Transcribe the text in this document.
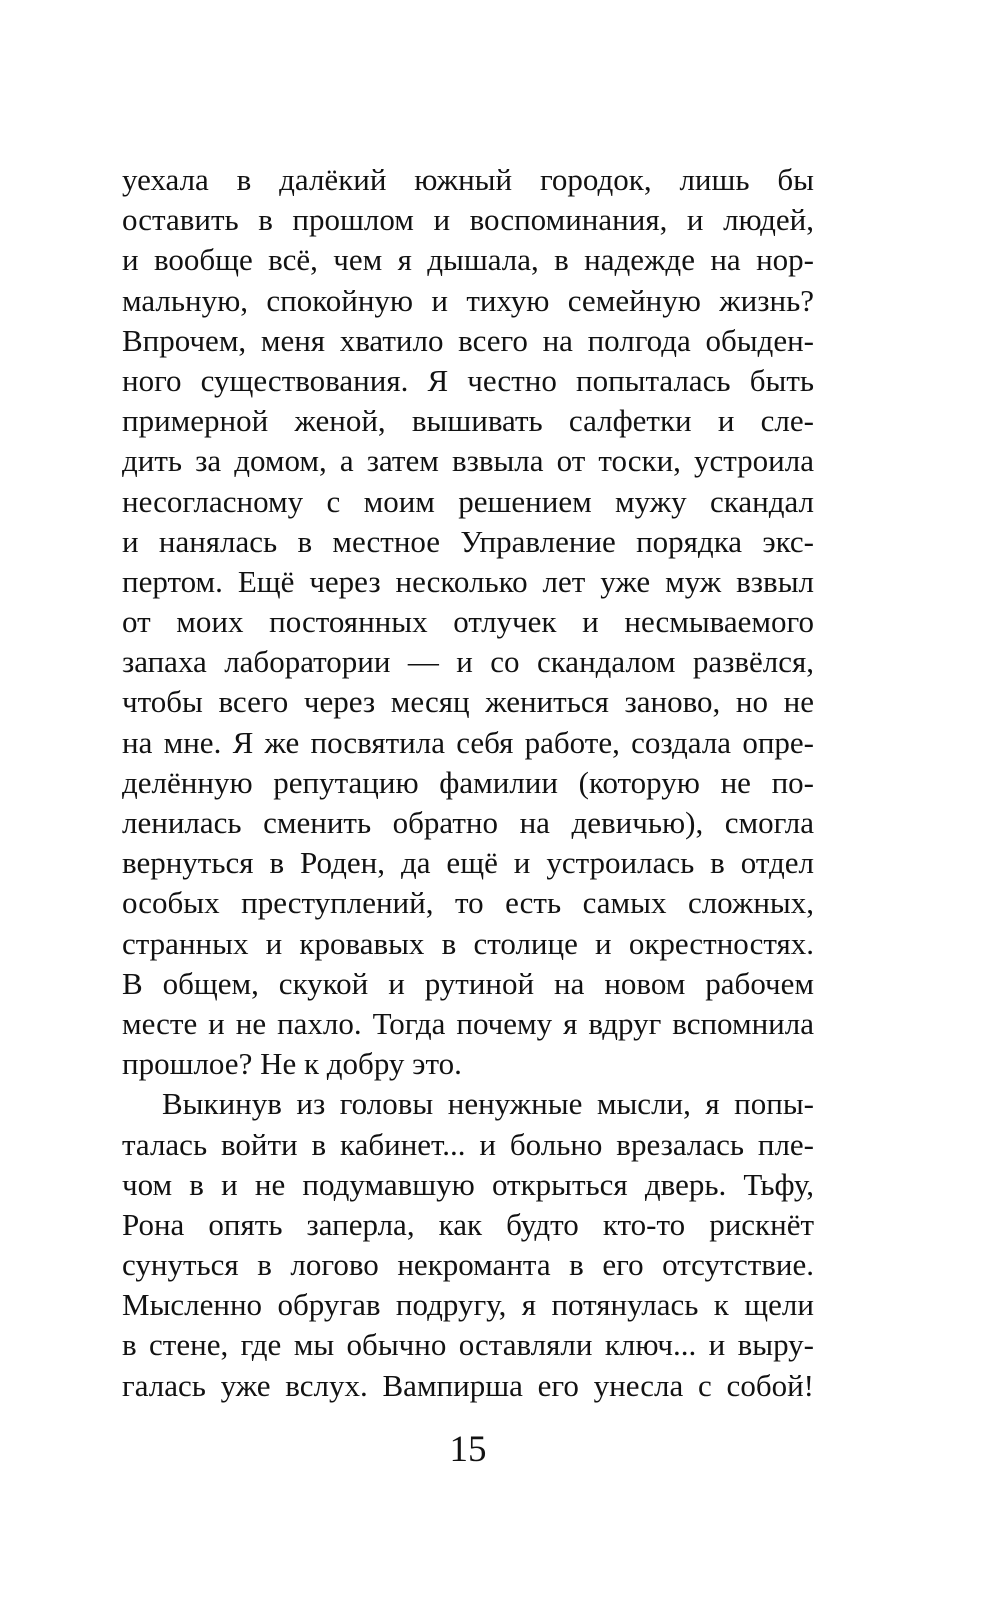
уехала в далёкий южный городок, лишь бы
оставить в прошлом и воспоминания, и людей,
и вообще всё, чем я дышала, в надежде на нор-
мальную, спокойную и тихую семейную жизнь?
Впрочем, меня хватило всего на полгода обыден-
ного существования. Я честно попыталась быть
примерной женой, вышивать салфетки и сле-
дить за домом, а затем взвыла от тоски, устроила
несогласному с моим решением мужу скандал
и нанялась в местное Управление порядка экс-
пертом. Ещё через несколько лет уже муж взвыл
от моих постоянных отлучек и несмываемого
запаха лаборатории — и со скандалом развёлся,
чтобы всего через месяц жениться заново, но не
на мне. Я же посвятила себя работе, создала опре-
делённую репутацию фамилии (которую не по-
ленилась сменить обратно на девичью), смогла
вернуться в Роден, да ещё и устроилась в отдел
особых преступлений, то есть самых сложных,
странных и кровавых в столице и окрестностях.
В общем, скукой и рутиной на новом рабочем
месте и не пахло. Тогда почему я вдруг вспомнила
прошлое? Не к добру это.
Выкинув из головы ненужные мысли, я попы-
талась войти в кабинет... и больно врезалась пле-
чом в и не подумавшую открыться дверь. Тьфу,
Рона опять заперла, как будто кто-то рискнёт
сунуться в логово некроманта в его отсутствие.
Мысленно обругав подругу, я потянулась к щели
в стене, где мы обычно оставляли ключ... и выру-
галась уже вслух. Вампирша его унесла с собой!
15
